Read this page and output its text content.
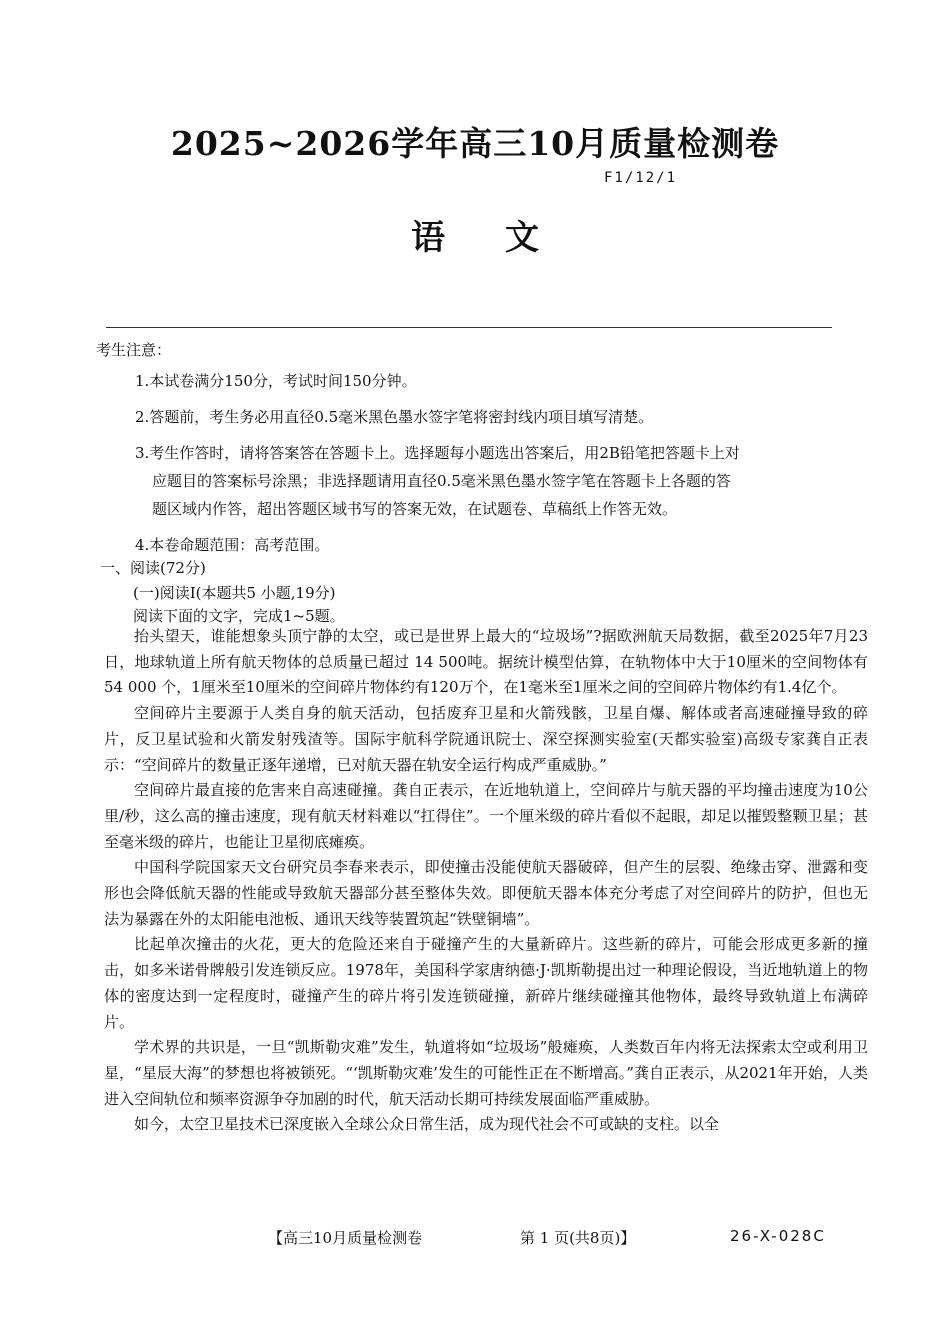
2025~2026学年高三10月质量检测卷
F1/12/1
语文
考生注意：
1.本试卷满分150分，考试时间150分钟。
2.答题前，考生务必用直径0.5毫米黑色墨水签字笔将密封线内项目填写清楚。
3.考生作答时，请将答案答在答题卡上。选择题每小题选出答案后，用2B铅笔把答题卡上对
应题目的答案标号涂黑；非选择题请用直径0.5毫米黑色墨水签字笔在答题卡上各题的答
题区域内作答，超出答题区域书写的答案无效，在试题卷、草稿纸上作答无效。
4.本卷命题范围：高考范围。
一、阅读(72分)
(一)阅读Ⅰ(本题共5 小题,19分)
阅读下面的文字，完成1~5题。

抬头望天，谁能想象头顶宁静的太空，或已是世界上最大的“垃圾场”?据欧洲航天局数据，截至2025年7月23 日，地球轨道上所有航天物体的总质量已超过 14 500吨。据统计模型估算，在轨物体中大于10厘米的空间物体有54 000 个，1厘米至10厘米的空间碎片物体约有120万个，在1毫米至1厘米之间的空间碎片物体约有1.4亿个。

空间碎片主要源于人类自身的航天活动，包括废弃卫星和火箭残骸，卫星自爆、解体或者高速碰撞导致的碎片，反卫星试验和火箭发射残渣等。国际宇航科学院通讯院士、深空探测实验室(天都实验室)高级专家龚自正表示：“空间碎片的数量正逐年递增，已对航天器在轨安全运行构成严重威胁。”

空间碎片最直接的危害来自高速碰撞。龚自正表示，在近地轨道上，空间碎片与航天器的平均撞击速度为10公里/秒，这么高的撞击速度，现有航天材料难以“扛得住”。一个厘米级的碎片看似不起眼，却足以摧毁整颗卫星；甚至毫米级的碎片，也能让卫星彻底瘫痪。

中国科学院国家天文台研究员李春来表示，即使撞击没能使航天器破碎，但产生的层裂、绝缘击穿、泄露和变形也会降低航天器的性能或导致航天器部分甚至整体失效。即便航天器本体充分考虑了对空间碎片的防护，但也无法为暴露在外的太阳能电池板、通讯天线等装置筑起“铁壁铜墙”。

比起单次撞击的火花，更大的危险还来自于碰撞产生的大量新碎片。这些新的碎片，可能会形成更多新的撞击，如多米诺骨牌般引发连锁反应。1978年，美国科学家唐纳德·J·凯斯勒提出过一种理论假设，当近地轨道上的物体的密度达到一定程度时，碰撞产生的碎片将引发连锁碰撞，新碎片继续碰撞其他物体，最终导致轨道上布满碎片。

学术界的共识是，一旦“凯斯勒灾难”发生，轨道将如“垃圾场”般瘫痪，人类数百年内将无法探索太空或利用卫星，“星辰大海”的梦想也将被锁死。“‘凯斯勒灾难’发生的可能性正在不断增高。”龚自正表示，从2021年开始，人类进入空间轨位和频率资源争夺加剧的时代，航天活动长期可持续发展面临严重威胁。

如今，太空卫星技术已深度嵌入全球公众日常生活，成为现代社会不可或缺的支柱。以全

【高三10月质量检测卷	第 1 页(共8页)】	26-X-028C
